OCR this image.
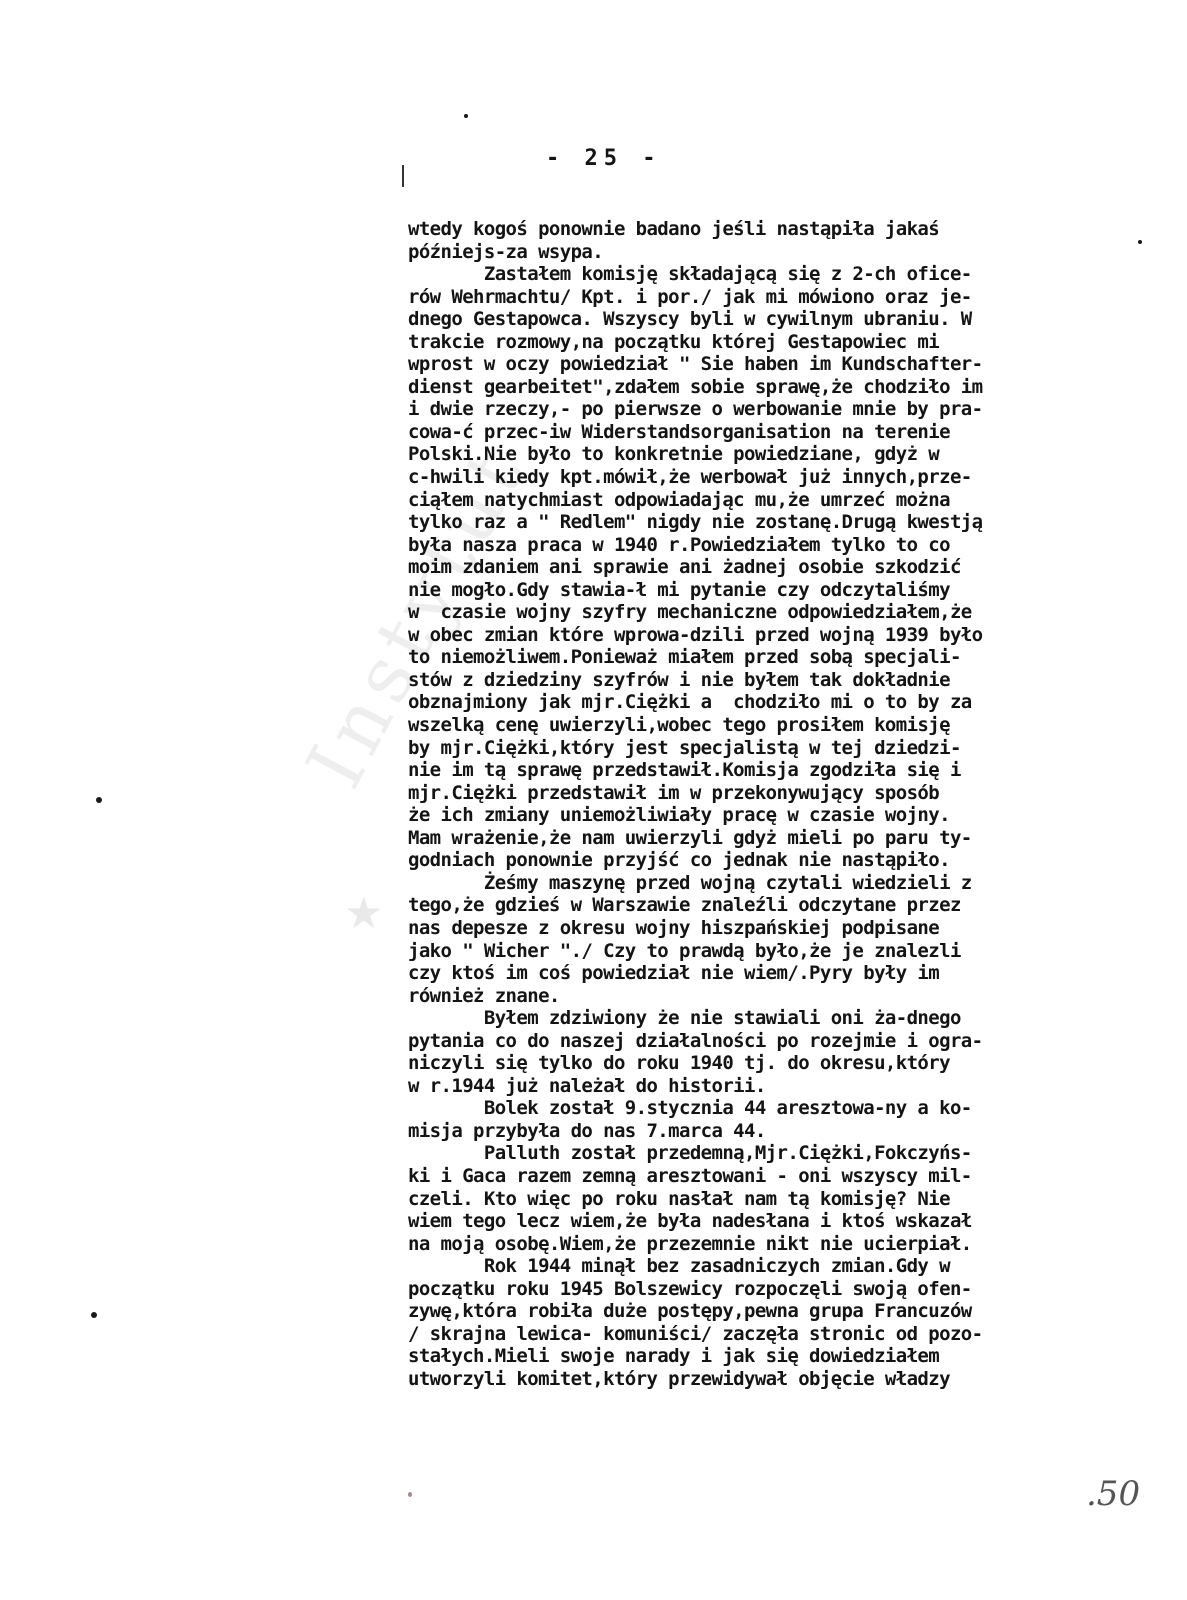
Instytut
★
- 25 -
wtedy kogoś ponownie badano jeśli nastąpiła jakaś
późniejs-za wsypa.
Zastałem komisję składającą się z 2-ch ofice-
rów Wehrmachtu/ Kpt. i por./ jak mi mówiono oraz je-
dnego Gestapowca. Wszyscy byli w cywilnym ubraniu. W
trakcie rozmowy,na początku której Gestapowiec mi
wprost w oczy powiedział " Sie haben im Kundschafter-
dienst gearbeitet",zdałem sobie sprawę,że chodziło im
i dwie rzeczy,- po pierwsze o werbowanie mnie by pra-
cowa-ć przec-iw Widerstandsorganisation na terenie
Polski.Nie było to konkretnie powiedziane, gdyż w
c-hwili kiedy kpt.mówił,że werbował już innych,prze-
ciąłem natychmiast odpowiadając mu,że umrzeć można
tylko raz a " Redlem" nigdy nie zostanę.Drugą kwestją
była nasza praca w 1940 r.Powiedziałem tylko to co
moim zdaniem ani sprawie ani żadnej osobie szkodzić
nie mogło.Gdy stawia-ł mi pytanie czy odczytaliśmy
w  czasie wojny szyfry mechaniczne odpowiedziałem,że
w obec zmian które wprowa-dzili przed wojną 1939 było
to niemożliwem.Ponieważ miałem przed sobą specjali-
stów z dziedziny szyfrów i nie byłem tak dokładnie
obznajmiony jak mjr.Ciężki a  chodziło mi o to by za
wszelką cenę uwierzyli,wobec tego prosiłem komisję
by mjr.Ciężki,który jest specjalistą w tej dziedzi-
nie im tą sprawę przedstawił.Komisja zgodziła się i
mjr.Ciężki przedstawił im w przekonywujący sposób
że ich zmiany uniemożliwiały pracę w czasie wojny.
Mam wrażenie,że nam uwierzyli gdyż mieli po paru ty-
godniach ponownie przyjść co jednak nie nastąpiło.
Żeśmy maszynę przed wojną czytali wiedzieli z
tego,że gdzieś w Warszawie znaleźli odczytane przez
nas depesze z okresu wojny hiszpańskiej podpisane
jako " Wicher "./ Czy to prawdą było,że je znalezli
czy ktoś im coś powiedział nie wiem/.Pyry były im
również znane.
Byłem zdziwiony że nie stawiali oni ża-dnego
pytania co do naszej działalności po rozejmie i ogra-
niczyli się tylko do roku 1940 tj. do okresu,który
w r.1944 już należał do historii.
Bolek został 9.stycznia 44 aresztowa-ny a ko-
misja przybyła do nas 7.marca 44.
Palluth został przedemną,Mjr.Ciężki,Fokczyńs-
ki i Gaca razem zemną aresztowani - oni wszyscy mil-
czeli. Kto więc po roku nasłał nam tą komisję? Nie
wiem tego lecz wiem,że była nadesłana i ktoś wskazał
na moją osobę.Wiem,że przezemnie nikt nie ucierpiał.
Rok 1944 minął bez zasadniczych zmian.Gdy w
początku roku 1945 Bolszewicy rozpoczęli swoją ofen-
zywę,która robiła duże postępy,pewna grupa Francuzów
/ skrajna lewica- komuniści/ zaczęła stronic od pozo-
stałych.Mieli swoje narady i jak się dowiedziałem
utworzyli komitet,który przewidywał objęcie władzy
.50
